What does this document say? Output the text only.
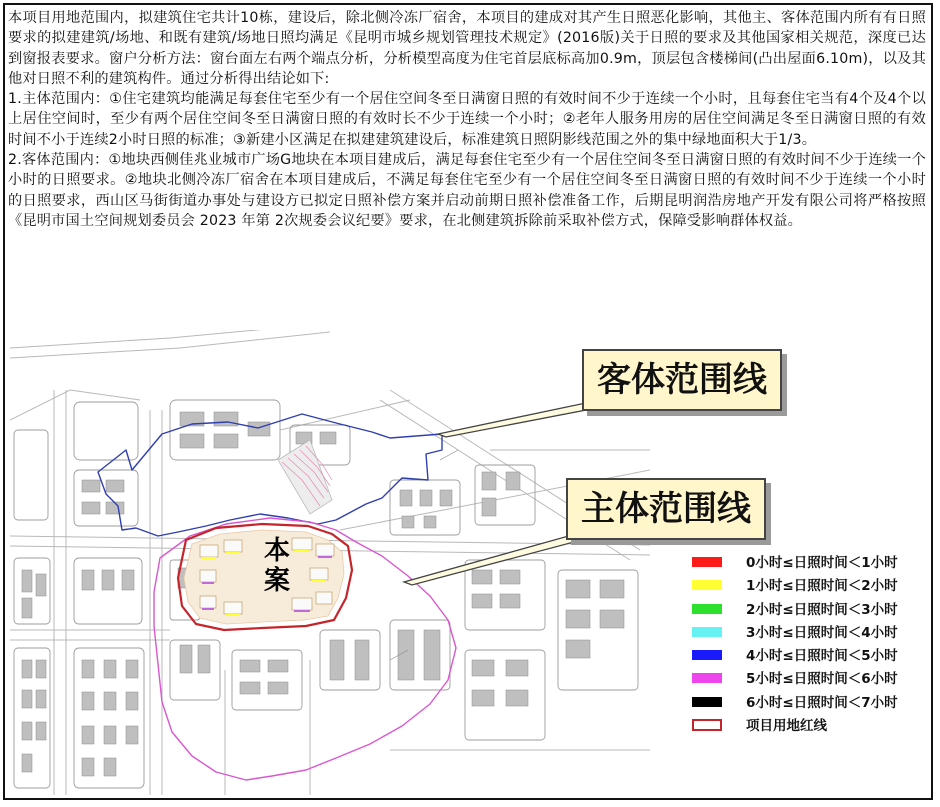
本项目用地范围内，拟建筑住宅共计10栋，建设后，除北侧冷冻厂宿舍，本项目的建成对其产生日照恶化影响，其他主、客体范围内所有有日照要求的拟建建筑/场地、和既有建筑/场地日照均满足《昆明市城乡规划管理技术规定》(2016版)关于日照的要求及其他国家相关规范，深度已达到窗报表要求。窗户分析方法：窗台面左右两个端点分析，分析模型高度为住宅首层底标高加0.9m，顶层包含楼梯间(凸出屋面6.10m)，以及其他对日照不利的建筑构件。通过分析得出结论如下:

1.主体范围内：①住宅建筑均能满足每套住宅至少有一个居住空间冬至日满窗日照的有效时间不少于连续一个小时，且每套住宅当有4个及4个以上居住空间时，至少有两个居住空间冬至日满窗日照的有效时长不少于连续一个小时；②老年人服务用房的居住空间满足冬至日满窗日照的有效时间不小于连续2小时日照的标准；③新建小区满足在拟建建筑建设后，标准建筑日照阴影线范围之外的集中绿地面积大于1/3。

2.客体范围内：①地块西侧佳兆业城市广场G地块在本项目建成后，满足每套住宅至少有一个居住空间冬至日满窗日照的有效时间不少于连续一个小时的日照要求。②地块北侧冷冻厂宿舍在本项目建成后，不满足每套住宅至少有一个居住空间冬至日满窗日照的有效时间不少于连续一个小时的日照要求，西山区马街街道办事处与建设方已拟定日照补偿方案并启动前期日照补偿准备工作，后期昆明润浩房地产开发有限公司将严格按照《昆明市国土空间规划委员会 2023 年第 2次规委会议纪要》要求，在北侧建筑拆除前采取补偿方式，保障受影响群体权益。

本
案
客体范围线
主体范围线
0小时≤日照时间＜1小时
1小时≤日照时间＜2小时
2小时≤日照时间＜3小时
3小时≤日照时间＜4小时
4小时≤日照时间＜5小时
5小时≤日照时间＜6小时
6小时≤日照时间＜7小时
项目用地红线
